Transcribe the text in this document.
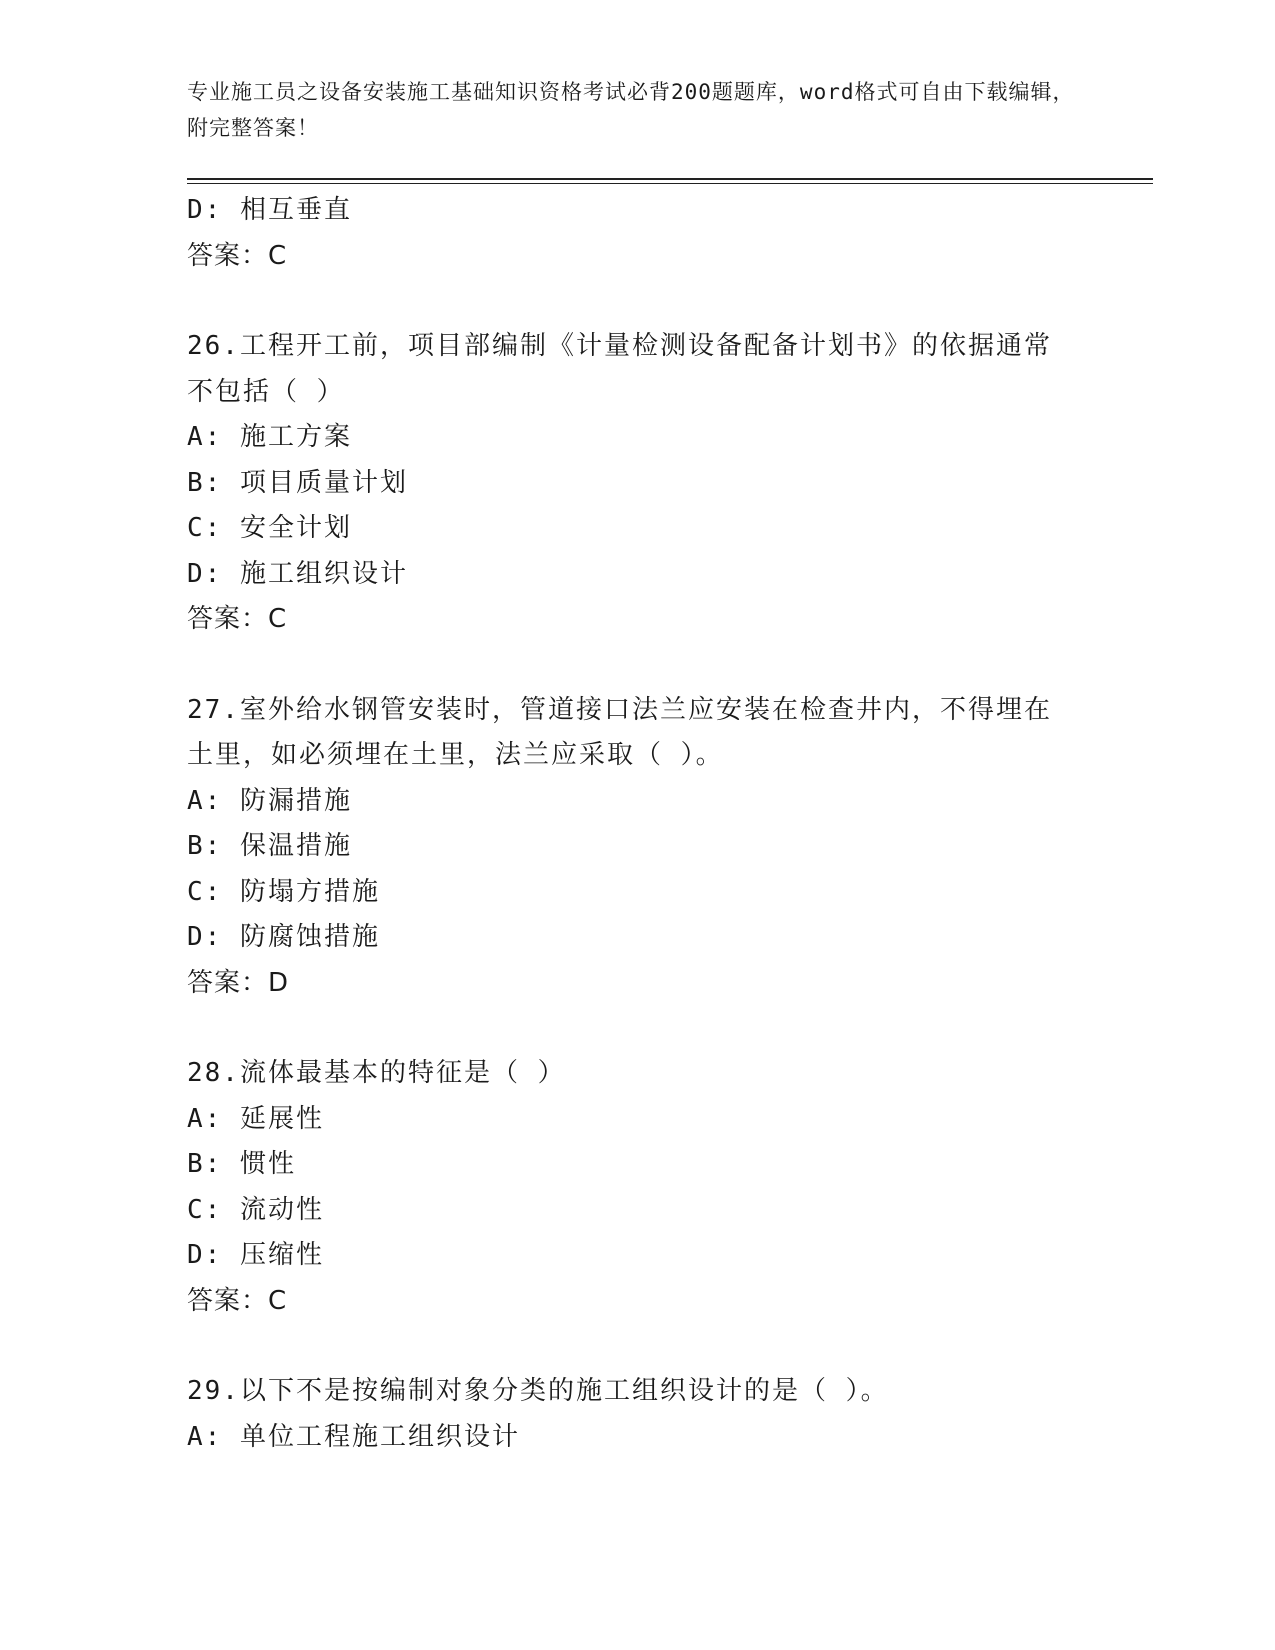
专业施工员之设备安装施工基础知识资格考试必背200题题库，word格式可自由下载编辑，附完整答案！
D: 相互垂直
答案：C
26.工程开工前，项目部编制《计量检测设备配备计划书》的依据通常
不包括（ ）
A: 施工方案
B: 项目质量计划
C: 安全计划
D: 施工组织设计
答案：C
27.室外给水钢管安装时，管道接口法兰应安装在检查井内，不得埋在
土里，如必须埋在土里，法兰应采取（ ）。
A: 防漏措施
B: 保温措施
C: 防塌方措施
D: 防腐蚀措施
答案：D
28.流体最基本的特征是（ ）
A: 延展性
B: 惯性
C: 流动性
D: 压缩性
答案：C
29.以下不是按编制对象分类的施工组织设计的是（ ）。
A: 单位工程施工组织设计
